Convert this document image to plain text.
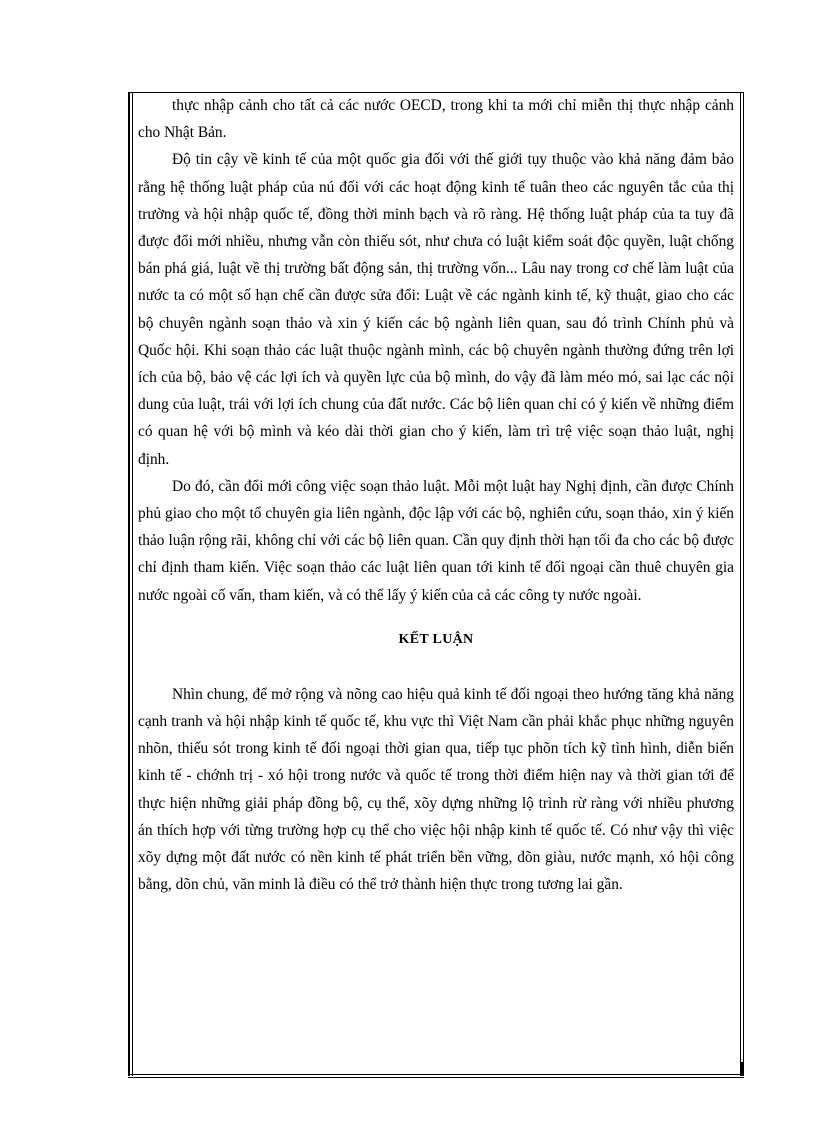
thực nhập cảnh cho tất cả các nước OECD, trong khi ta mới chỉ miễn thị thực nhập cảnh cho Nhật Bản.

Độ tin cậy về kinh tế của một quốc gia đối với thế giới tụy thuộc vào khả năng đảm bảo rằng hệ thống luật pháp của nú đối với các hoạt động kinh tế tuân theo các nguyên tắc của thị trường và hội nhập quốc tế, đồng thời minh bạch và rõ ràng. Hệ thống luật pháp của ta tuy đã được đổi mới nhiều, nhưng vẫn còn thiếu sót, như chưa có luật kiểm soát độc quyền, luật chống bán phá giá, luật về thị trường bất động sản, thị trường vốn... Lâu nay trong cơ chế làm luật của nước ta có một số hạn chế cần được sửa đổi: Luật về các ngành kinh tế, kỹ thuật, giao cho các bộ chuyên ngành soạn thảo và xin ý kiến các bộ ngành liên quan, sau đó trình Chính phủ và Quốc hội. Khi soạn thảo các luật thuộc ngành mình, các bộ chuyên ngành thường đứng trên lợi ích của bộ, bảo vệ các lợi ích và quyền lực của bộ mình, do vậy đã làm méo mó, sai lạc các nội dung của luật, trái với lợi ích chung của đất nước. Các bộ liên quan chỉ có ý kiến về những điểm có quan hệ với bộ mình và kéo dài thời gian cho ý kiến, làm trì trệ việc soạn thảo luật, nghị định.

Do đó, cần đổi mới công việc soạn thảo luật. Mỗi một luật hay Nghị định, cần được Chính phủ giao cho một tổ chuyên gia liên ngành, độc lập với các bộ, nghiên cứu, soạn thảo, xin ý kiến thảo luận rộng rãi, không chỉ với các bộ liên quan. Cần quy định thời hạn tối đa cho các bộ được chỉ định tham kiến. Việc soạn thảo các luật liên quan tới kinh tế đối ngoại cần thuê chuyên gia nước ngoài cố vấn, tham kiến, và có thể lấy ý kiến của cả các công ty nước ngoài.

KẾT LUẬN

Nhìn chung, để mở rộng và nõng cao hiệu quả kinh tế đối ngoại theo hướng tăng khả năng cạnh tranh và hội nhập kinh tế quốc tế, khu vực thì Việt Nam cần phải khắc phục những nguyên nhõn, thiếu sót trong kinh tế đối ngoại thời gian qua, tiếp tục phõn tích kỹ tình hình, diễn biến kinh tế - chớnh trị - xó hội trong nước và quốc tế trong thời điểm hiện nay và thời gian tới để thực hiện những giải pháp đồng bộ, cụ thể, xõy dựng những lộ trình rừ ràng với nhiều phương án thích hợp với từng trường hợp cụ thể cho việc hội nhập kinh tế quốc tế. Có như vậy thì việc xõy dựng một đất nước có nền kinh tế phát triển bền vững, dõn giàu, nước mạnh, xó hội công bằng, dõn chủ, văn minh là điều có thể trở thành hiện thực trong tương lai gần.
